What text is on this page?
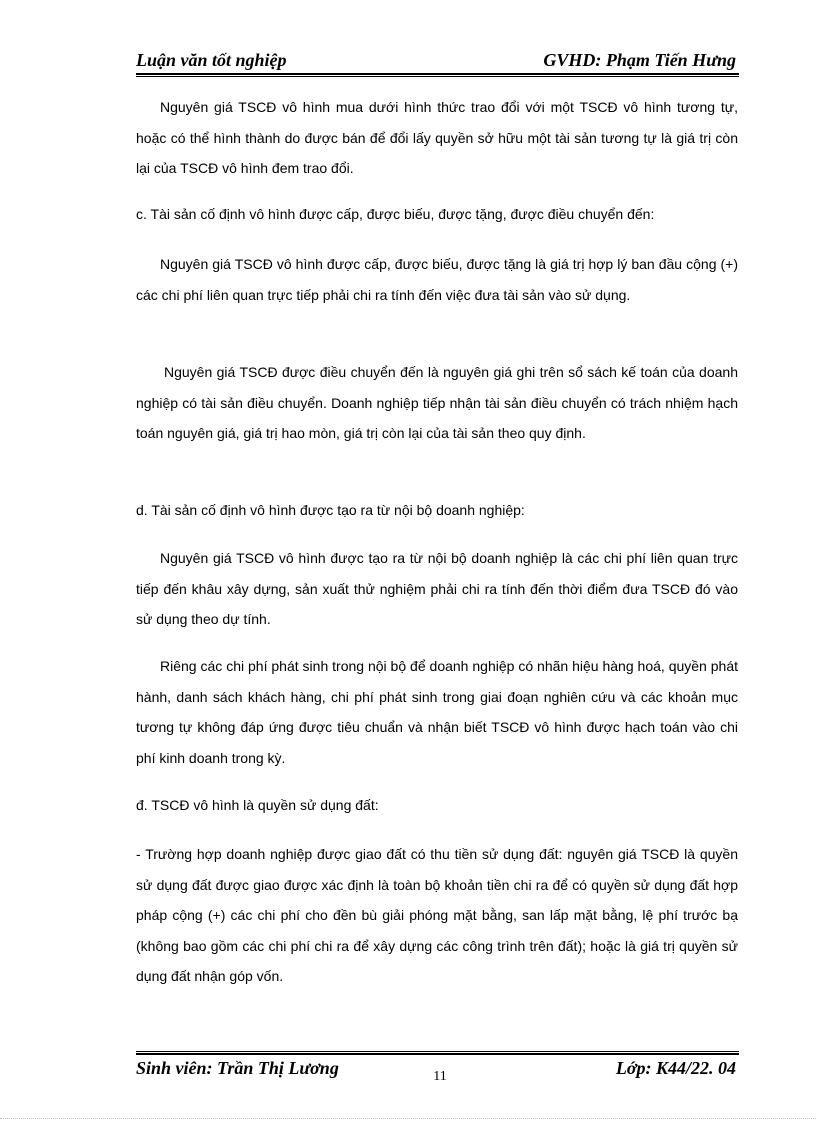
Luận văn tốt nghiệp	GVHD: Phạm Tiến Hưng

Nguyên giá TSCĐ vô hình mua dưới hình thức trao đổi với một TSCĐ vô hình tương tự, hoặc có thể hình thành do được bán để đổi lấy quyền sở hữu một tài sản tương tự là giá trị còn lại của TSCĐ vô hình đem trao đổi.

c. Tài sản cố định vô hình được cấp, được biếu, được tặng, được điều chuyển đến:

Nguyên giá TSCĐ vô hình được cấp, được biếu, được tặng là giá trị hợp lý ban đầu cộng (+) các chi phí liên quan trực tiếp phải chi ra tính đến việc đưa tài sản vào sử dụng.

Nguyên giá TSCĐ được điều chuyển đến là nguyên giá ghi trên sổ sách kế toán của doanh nghiệp có tài sản điều chuyển. Doanh nghiệp tiếp nhận tài sản điều chuyển có trách nhiệm hạch toán nguyên giá, giá trị hao mòn, giá trị còn lại của tài sản theo quy định.

d. Tài sản cố định vô hình được tạo ra từ nội bộ doanh nghiệp:

Nguyên giá TSCĐ vô hình được tạo ra từ nội bộ doanh nghiệp là các chi phí liên quan trực tiếp đến khâu xây dựng, sản xuất thử nghiệm phải chi ra tính đến thời điểm đưa TSCĐ đó vào sử dụng theo dự tính.

Riêng các chi phí phát sinh trong nội bộ để doanh nghiệp có nhãn hiệu hàng hoá, quyền phát hành, danh sách khách hàng, chi phí phát sinh trong giai đoạn nghiên cứu và các khoản mục tương tự không đáp ứng được tiêu chuẩn và nhận biết TSCĐ vô hình được hạch toán vào chi phí kinh doanh trong kỳ.

đ. TSCĐ vô hình là quyền sử dụng đất:

- Trường hợp doanh nghiệp được giao đất có thu tiền sử dụng đất: nguyên giá TSCĐ là quyền sử dụng đất được giao được xác định là toàn bộ khoản tiền chi ra để có quyền sử dụng đất hợp pháp cộng (+) các chi phí cho đền bù giải phóng mặt bằng, san lấp mặt bằng, lệ phí trước bạ (không bao gồm các chi phí chi ra để xây dựng các công trình trên đất); hoặc là giá trị quyền sử dụng đất nhận góp vốn.

Sinh viên: Trần Thị Lương	Lớp: K44/22. 04
11
